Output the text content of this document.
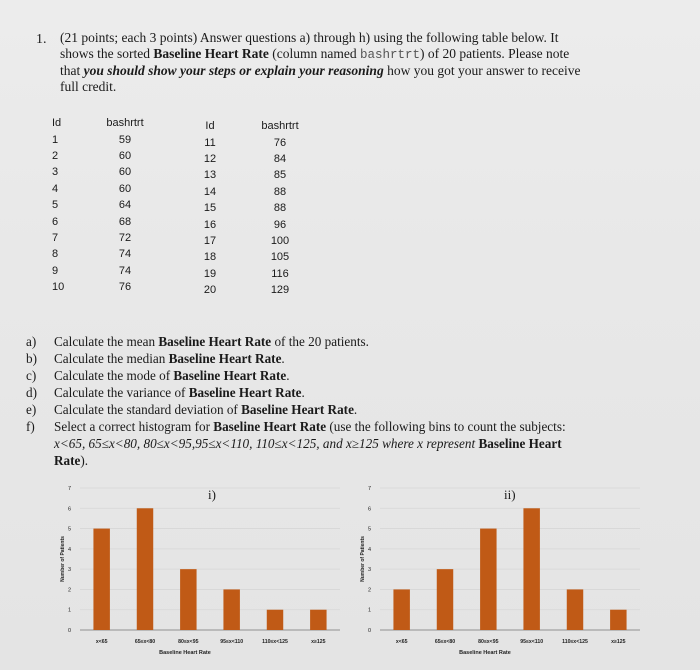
1. (21 points; each 3 points) Answer questions a) through h) using the following table below. It
shows the sorted Baseline Heart Rate (column named bashrtrt) of 20 patients. Please note
that you should show your steps or explain your reasoning how you got your answer to receive
full credit.
Id	bashrtrt
1	59
2	60
3	60
4	60
5	64
6	68
7	72
8	74
9	74
10	76
Id	bashrtrt
11	76
12	84
13	85
14	88
15	88
16	96
17	100
18	105
19	116
20	129
a)	Calculate the mean Baseline Heart Rate of the 20 patients.
b)	Calculate the median Baseline Heart Rate.
c)	Calculate the mode of Baseline Heart Rate.
d)	Calculate the variance of Baseline Heart Rate.
e)	Calculate the standard deviation of Baseline Heart Rate.
f)	Select a correct histogram for Baseline Heart Rate (use the following bins to count the subjects:
x<65, 65≤x<80, 80≤x<95,95≤x<110, 110≤x<125, and x≥125 where x represent Baseline Heart
Rate).
0
1
2
3
4
5
6
7
x<65	65≤x<80	80≤x<95	95≤x<110	110≤x<125	x≥125
Baseline Heart Rate
Number of Patients
i)
0
1
2
3
4
5
6
7
x<65	65≤x<80	80≤x<95	95≤x<110	110≤x<125	x≥125
Baseline Heart Rate
Number of Patients
ii)
